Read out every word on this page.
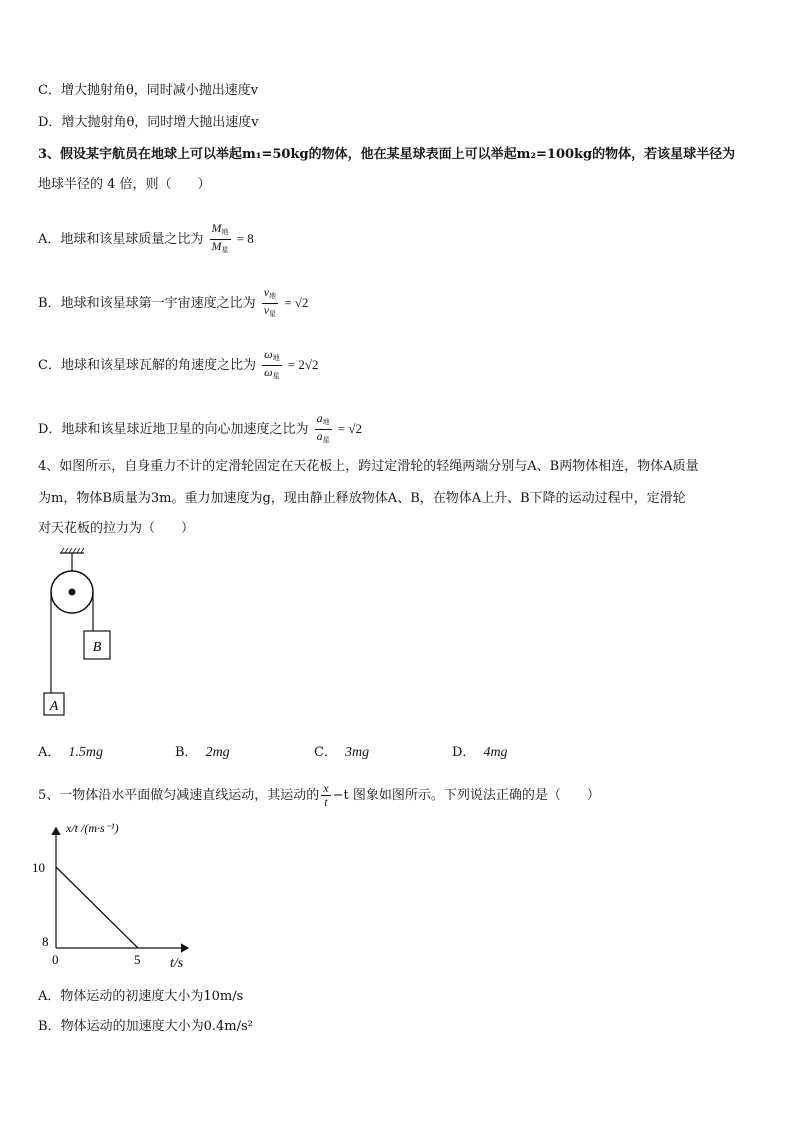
C．增大抛射角θ，同时减小抛出速度v
D．增大抛射角θ，同时增大抛出速度v
3、假设某宇航员在地球上可以举起m₁=50kg的物体，他在某星球表面上可以举起m₂=100kg的物体，若该星球半径为
地球半径的 4 倍，则（　　）
A．地球和该星球质量之比为 $\frac{M_地}{M_星} = 8$
B．地球和该星球第一宇宙速度之比为 $\frac{v_地}{v_星} = √2$
C．地球和该星球瓦解的角速度之比为 $\frac{\omega_地}{\omega_星} = 2√2$
D．地球和该星球近地卫星的向心加速度之比为 $\frac{a_地}{a_星} = √2$
4、如图所示，自身重力不计的定滑轮固定在天花板上，跨过定滑轮的轻绳两端分别与A、B两物体相连，物体A质量
为m，物体B质量为3m。重力加速度为g，现由静止释放物体A、B，在物体A上升、B下降的运动过程中，定滑轮
对天花板的拉力为（　　）
B
A
A． 1.5mg	B． 2mg	C． 3mg	D． 4mg
5、一物体沿水平面做匀减速直线运动，其运动的 $\frac{x}{t} -t$ 图象如图所示。下列说法正确的是（　　）
x/t /(m·s⁻¹)
10
8
0	5 t/s
A．物体运动的初速度大小为10m/s
B．物体运动的加速度大小为0.4m/s²
